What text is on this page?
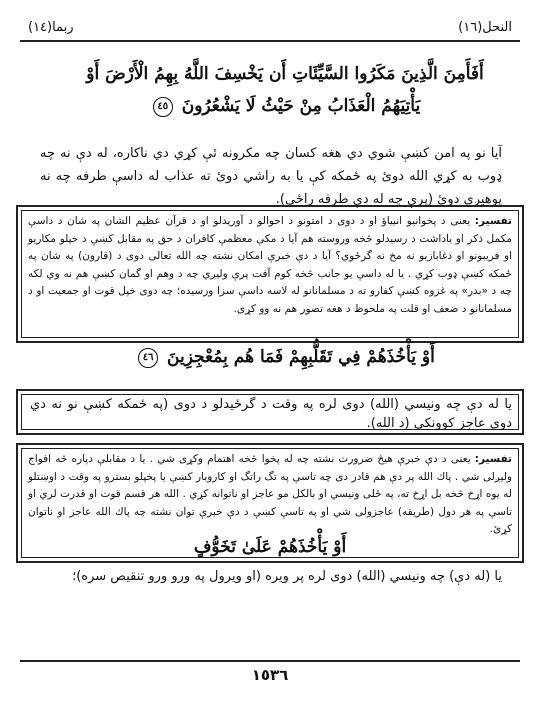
ربما(١٤)	النحل(١٦)
أَفَأَمِنَ الَّذِينَ مَكَرُوا السَّيِّئَاتِ أَن يَخْسِفَ اللَّهُ بِهِمُ الْأَرْضَ أَوْ يَأْتِيَهُمُ الْعَذَابُ مِنْ حَيْثُ لَا يَشْعُرُونَ ٤٥
آيا نو په امن كښې شوي دي هغه كسان چه مكرونه ئې كړي دي ناكاره، له دې نه چه ډوب به كړي الله دوئ په ځمكه كې يا به راشي دوئ ته عذاب له داسې طرفه چه نه پوهيږي دوئ (پرې چه له دې طرفه راځي).
تفسير: يعنى د پخوانيو انبياؤ او د دوى د امتونو د احوالو د آوريدلو او د قرآن عظيم الشان په شان د داسې مكمل ذكر او ياداشت د رسيدلو څخه وروسته هم آيا د مكې معظمې كافران د حق په مقابل كښې د خپلو مكاريو او فريبونو او دغابازيو نه مخ نه گرځوي؟ آيا د دې خبرې امكان نشته چه الله تعالى دوى د (قارون) په شان په ځمكه كښې ډوب كړي . يا له داسې يو جانب څخه كوم آفت پرې وليږي چه د وهم او گمان كښې هم نه وي لكه چه د «بدر» په غزوه كښې كفارو ته د مسلمانانو له لاسه داسې سزا ورسيده؛ چه دوى خپل قوت او جمعيت او د مسلمانانو د ضعف او قلت په ملحوظ د هغه تصور هم نه وو كړى.
أَوْ يَأْخُذَهُمْ فِي تَقَلُّبِهِمْ فَمَا هُم بِمُعْجِزِينَ ٤٦
يا له دې چه ونيسي (الله) دوى لره په وقت د گرځيدلو د دوى (په ځمكه كښې نو نه دي دوى عاجز كوونكي (د الله).
تفسير: يعنى د دې خبرې هيڅ ضرورت نشته چه له پخوا څخه اهتمام وكړى شي . يا د مقابلې دپاره څه افواج وليږلى شي . پاك الله پر دې هم قادر دى چه تاسې په تگ راتگ او كاروبار كښې يا پخپلو بسترو په وقت د اوښتلو له يوه اړخ څخه بل اړخ ته، په ځلى ونيسي او بالكل مو عاجز او ناتوانه كړي . الله هر قسم قوت او قدرت لري او تاسې په هر دول (طريقه) عاجزولى شي او په تاسې كښې د دې خبرې توان نشته چه پاك الله عاجز او ناتوان كړئ.
أَوْ يَأْخُذَهُمْ عَلَىٰ تَخَوُّفٍ
يا (له دې) چه ونيسي (الله) دوى لره پر ويره (او ويرول په ورو ورو تنقيص سره)؛
١٥٣٦
